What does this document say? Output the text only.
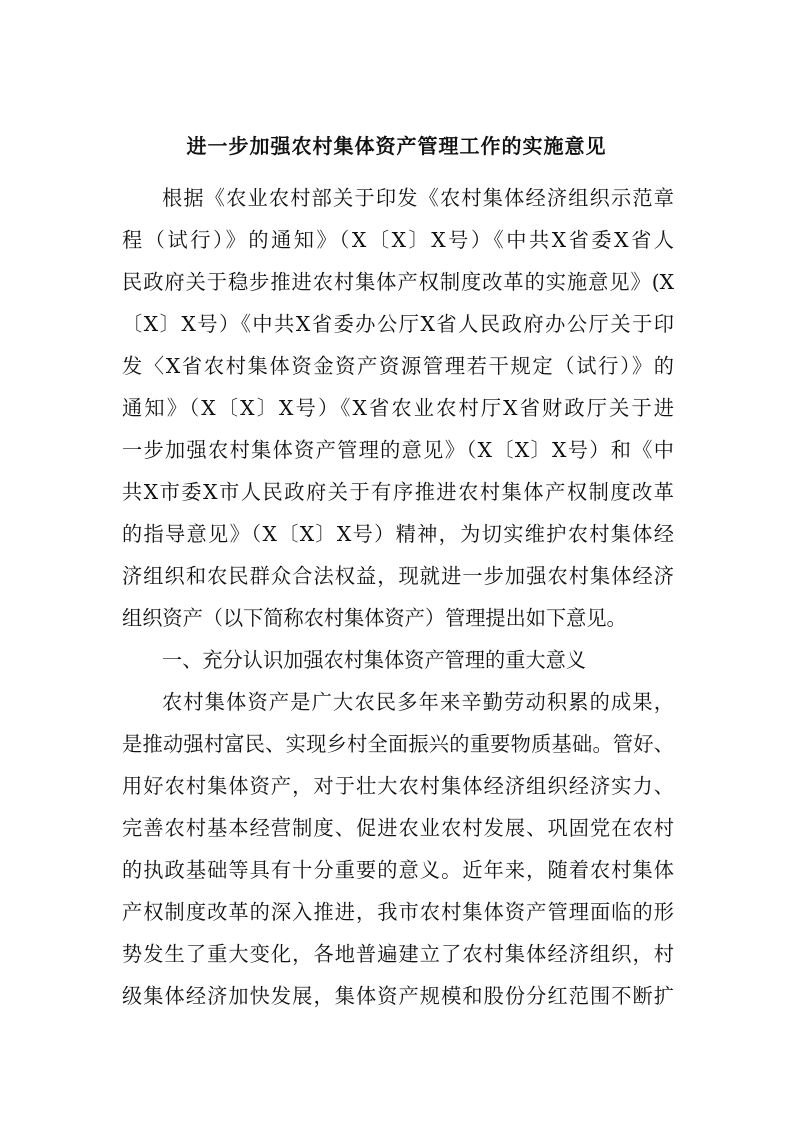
进一步加强农村集体资产管理工作的实施意见
根据《农业农村部关于印发《农村集体经济组织示范章
程（试行）》的通知》（X〔X〕X号）《中共X省委X省人
民政府关于稳步推进农村集体产权制度改革的实施意见》(X
〔X〕X号）《中共X省委办公厅X省人民政府办公厅关于印
发〈X省农村集体资金资产资源管理若干规定（试行）》的
通知》（X〔X〕X号）《X省农业农村厅X省财政厅关于进
一步加强农村集体资产管理的意见》（X〔X〕X号）和《中
共X市委X市人民政府关于有序推进农村集体产权制度改革
的指导意见》（X〔X〕X号）精神，为切实维护农村集体经
济组织和农民群众合法权益，现就进一步加强农村集体经济
组织资产（以下简称农村集体资产）管理提出如下意见。
一、充分认识加强农村集体资产管理的重大意义
农村集体资产是广大农民多年来辛勤劳动积累的成果，
是推动强村富民、实现乡村全面振兴的重要物质基础。管好、
用好农村集体资产，对于壮大农村集体经济组织经济实力、
完善农村基本经营制度、促进农业农村发展、巩固党在农村
的执政基础等具有十分重要的意义。近年来，随着农村集体
产权制度改革的深入推进，我市农村集体资产管理面临的形
势发生了重大变化，各地普遍建立了农村集体经济组织，村
级集体经济加快发展，集体资产规模和股份分红范围不断扩
